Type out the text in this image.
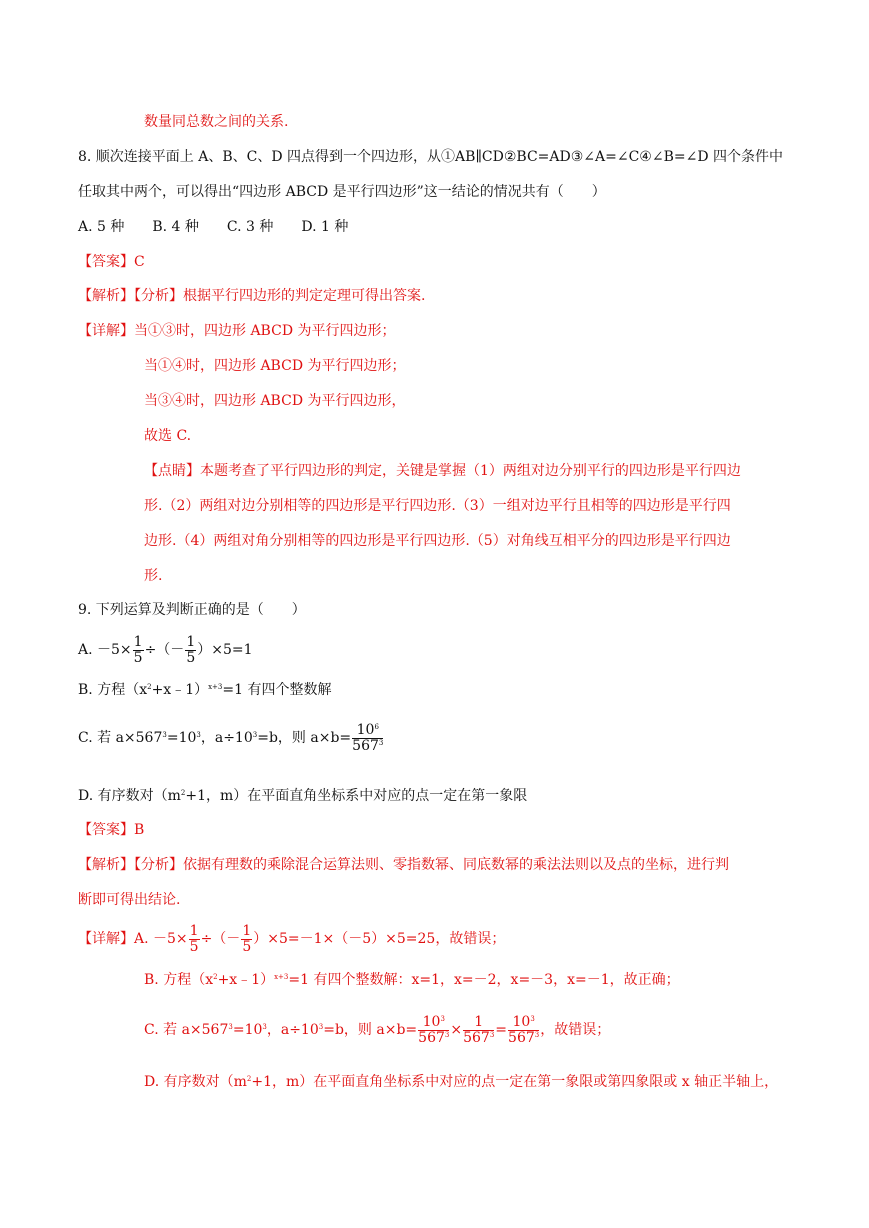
数量同总数之间的关系.
8. 顺次连接平面上 A、B、C、D 四点得到一个四边形，从①AB∥CD②BC=AD③∠A=∠C④∠B=∠D 四个条件中
任取其中两个，可以得出“四边形 ABCD 是平行四边形”这一结论的情况共有（　　）
A. 5 种　　B. 4 种　　C. 3 种　　D. 1 种
【答案】C
【解析】【分析】根据平行四边形的判定定理可得出答案.
【详解】当①③时，四边形 ABCD 为平行四边形；
当①④时，四边形 ABCD 为平行四边形；
当③④时，四边形 ABCD 为平行四边形，
故选 C.
【点睛】本题考查了平行四边形的判定，关键是掌握（1）两组对边分别平行的四边形是平行四边
形.（2）两组对边分别相等的四边形是平行四边形.（3）一组对边平行且相等的四边形是平行四
边形.（4）两组对角分别相等的四边形是平行四边形.（5）对角线互相平分的四边形是平行四边
形.
9. 下列运算及判断正确的是（　　）
A. $-5\times \frac{1}{5}$ ÷（－ $\frac{1}{5} )\times 5=1$
B. 方程$(x^2+x﹣1)^{x+3}=1$ 有四个整数解
C. 若 $a\times 567^3=10^3$，$a\div 10^3=b$，则 $a\times b= \frac{10^6}{567^3}$
D. 有序数对（$m^2+1$，m）在平面直角坐标系中对应的点一定在第一象限
【答案】B
【解析】【分析】依据有理数的乘除混合运算法则、零指数幂、同底数幂的乘法法则以及点的坐标，进行判
断即可得出结论.
【详解】A. $-5\times \frac{1}{5}$ ÷（－ $\frac{1}{5} )\times 5=-1\times(-5)\times 5=25$，故错误；
B. 方程$(x^2+x﹣1)^{x+3}=1$ 有四个整数解：x=1，x=－2，x=－3，x=－1，故正确；
C. 若 $a\times 567^3=10^3$，$a\div 10^3=b$，则 $a\times b= \frac{10^3}{567^3} \times \frac{1}{567^3} = \frac{10^3}{567^3}$ ，故错误；
D. 有序数对（$m^2+1$，m）在平面直角坐标系中对应的点一定在第一象限或第四象限或 x 轴正半轴上，
